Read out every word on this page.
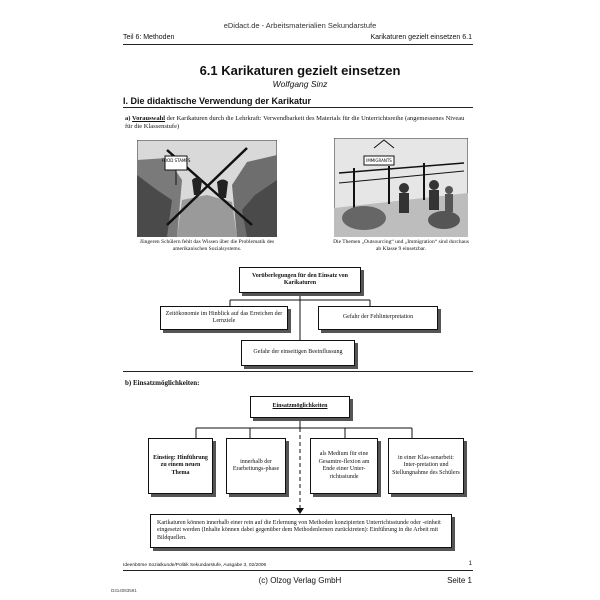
eDidact.de - Arbeitsmaterialien Sekundarstufe
Teil 6: Methoden	Karikaturen gezielt einsetzen 6.1
6.1 Karikaturen gezielt einsetzen
Wolfgang Sinz
I. Die didaktische Verwendung der Karikatur
a) Vorauswahl der Karikaturen durch die Lehrkraft: Verwendbarkeit des Materials für die Unterrichtsreihe (angemessenes Niveau für die Klassenstufe)
FOOD STAMPS
Jüngeren Schülern fehlt das Wissen über die Problematik des amerikanischen Sozialsystems.
IMMIGRANTS
Die Themen „Outsourcing“ und „Immigration“ sind durchaus ab Klasse 9 einsetzbar.
Vorüberlegungen für den Einsatz von Karikaturen
Zeitökonomie im Hinblick auf das Erreichen der Lernziele
Gefahr der Fehlinterpretation
Gefahr der einseitigen Beeinflussung
b) Einsatzmöglichkeiten:
Einsatzmöglichkeiten
Einstieg: Hinführung zu einem neuen Thema
innerhalb der Erarbeitungs-phase
als Medium für eine Gesamtre-flexion am Ende einer Unter-richtsstunde
in einer Klas-senarbeit: Inter-pretation und Stellungnahme des Schülers
Karikaturen können innerhalb einer rein auf die Erlernung von Methoden konzipierten Unterrichtsstunde oder -einheit eingesetzt werden (Inhalte können dabei gegenüber dem Methodenlernen zurücktreten): Einführung in die Arbeit mit Bildquellen.
Ideenbörse Sozialkunde/Politik Sekundarstufe, Ausgabe 3, 02/2006	1
(c) Olzog Verlag GmbH	Seite 1
D314083591
